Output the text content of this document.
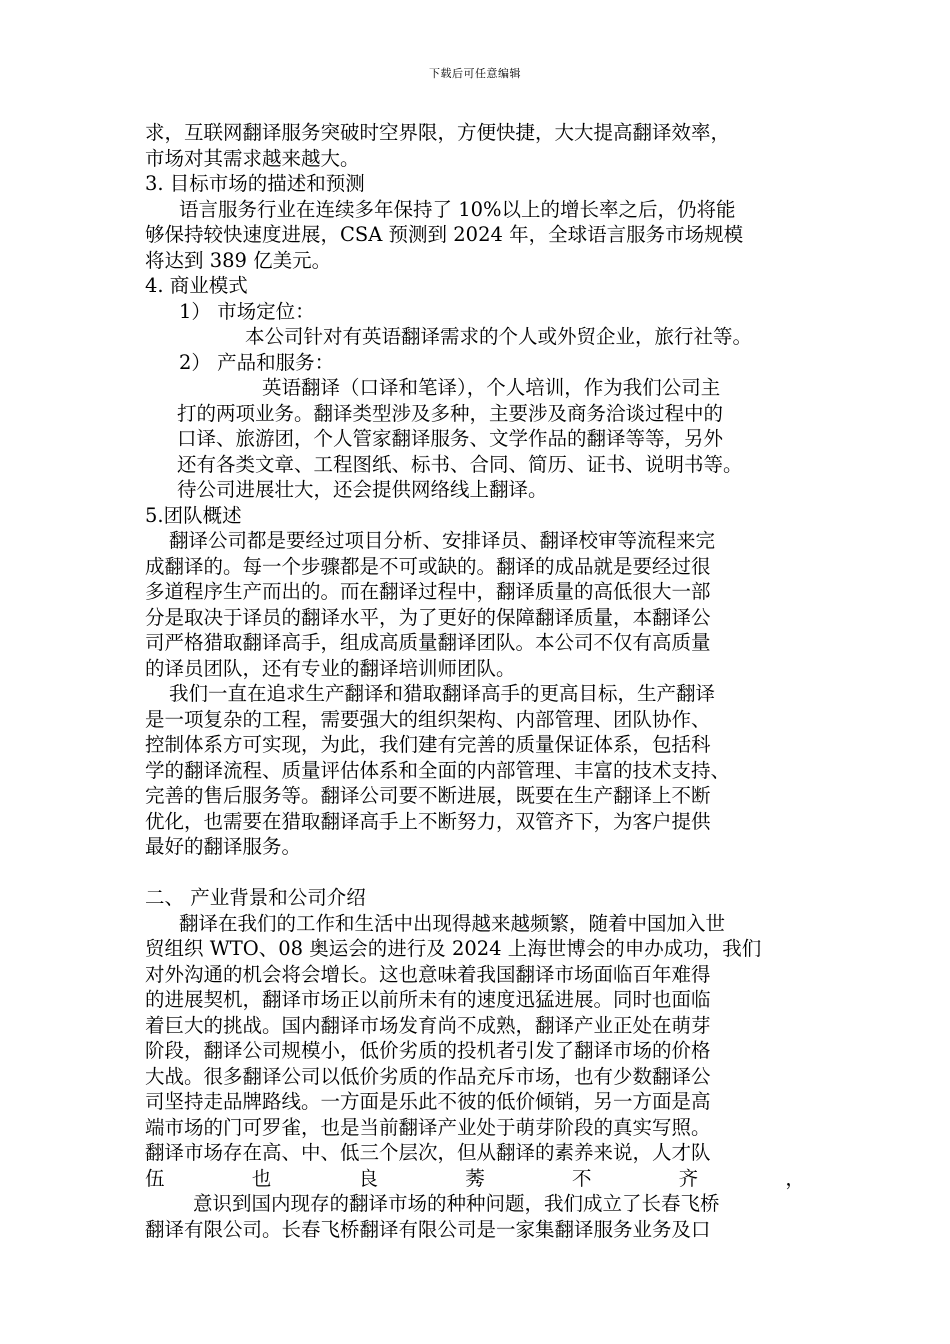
下载后可任意编辑
求，互联网翻译服务突破时空界限，方便快捷，大大提高翻译效率，
市场对其需求越来越大。
3. 目标市场的描述和预测
语言服务行业在连续多年保持了 10%以上的增长率之后，仍将能
够保持较快速度进展，CSA 预测到 2024 年，全球语言服务市场规模
将达到 389 亿美元。
4. 商业模式
1） 市场定位：
本公司针对有英语翻译需求的个人或外贸企业，旅行社等。
2） 产品和服务：
英语翻译（口译和笔译），个人培训，作为我们公司主
打的两项业务。翻译类型涉及多种，主要涉及商务洽谈过程中的
口译、旅游团，个人管家翻译服务、文学作品的翻译等等，另外
还有各类文章、工程图纸、标书、合同、简历、证书、说明书等。
待公司进展壮大，还会提供网络线上翻译。
5.团队概述
翻译公司都是要经过项目分析、安排译员、翻译校审等流程来完
成翻译的。每一个步骤都是不可或缺的。翻译的成品就是要经过很
多道程序生产而出的。而在翻译过程中，翻译质量的高低很大一部
分是取决于译员的翻译水平，为了更好的保障翻译质量，本翻译公
司严格猎取翻译高手，组成高质量翻译团队。本公司不仅有高质量
的译员团队，还有专业的翻译培训师团队。
我们一直在追求生产翻译和猎取翻译高手的更高目标，生产翻译
是一项复杂的工程，需要强大的组织架构、内部管理、团队协作、
控制体系方可实现，为此，我们建有完善的质量保证体系，包括科
学的翻译流程、质量评估体系和全面的内部管理、丰富的技术支持、
完善的售后服务等。翻译公司要不断进展，既要在生产翻译上不断
优化，也需要在猎取翻译高手上不断努力，双管齐下，为客户提供
最好的翻译服务。
二、 产业背景和公司介绍
翻译在我们的工作和生活中出现得越来越频繁，随着中国加入世
贸组织 WTO、08 奥运会的进行及 2024 上海世博会的申办成功，我们
对外沟通的机会将会增长。这也意味着我国翻译市场面临百年难得
的进展契机，翻译市场正以前所未有的速度迅猛进展。同时也面临
着巨大的挑战。国内翻译市场发育尚不成熟，翻译产业正处在萌芽
阶段，翻译公司规模小，低价劣质的投机者引发了翻译市场的价格
大战。很多翻译公司以低价劣质的作品充斥市场，也有少数翻译公
司坚持走品牌路线。一方面是乐此不彼的低价倾销，另一方面是高
端市场的门可罗雀，也是当前翻译产业处于萌芽阶段的真实写照。
翻译市场存在高、中、低三个层次，但从翻译的素养来说，人才队
伍	也	良	莠	不	齐	，
意识到国内现存的翻译市场的种种问题，我们成立了长春飞桥
翻译有限公司。长春飞桥翻译有限公司是一家集翻译服务业务及口
